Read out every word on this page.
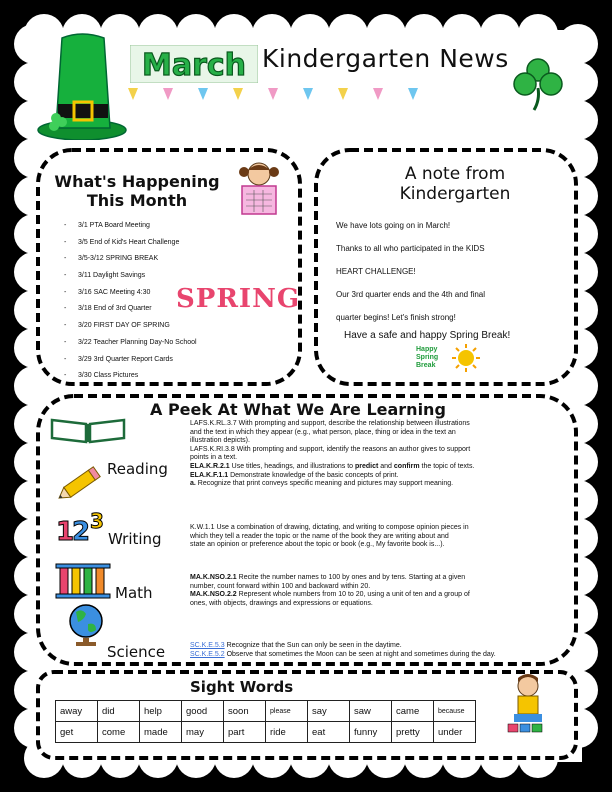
March Kindergarten News
What's Happening
This Month
- 3/1 PTA Board Meeting
- 3/5 End of Kid's Heart Challenge
- 3/5-3/12 SPRING BREAK
- 3/11 Daylight Savings
- 3/16 SAC Meeting 4:30
- 3/18 End of 3rd Quarter
- 3/20 FIRST DAY OF SPRING
- 3/22 Teacher Planning Day-No School
- 3/29 3rd Quarter Report Cards
- 3/30 Class Pictures
SPRING
A note from
Kindergarten

We have lots going on in March!

Thanks to all who participated in the KIDS

HEART CHALLENGE!

Our 3rd quarter ends and the 4th and final

quarter begins! Let's finish strong!

Have a safe and happy Spring Break!
Happy
Spring
Break
A Peek At What We Are Learning
Reading
LAFS.K.RL.3.7 With prompting and support, describe the relationship between illustrations
and the text in which they appear (e.g., what person, place, thing or idea in the text an
illustration depicts).
LAFS.K.RI.3.8 With prompting and support, identify the reasons an author gives to support
points in a text.
ELA.K.R.2.1 Use titles, headings, and illustrations to predict and confirm the topic of texts.
ELA.K.F.1.1 Demonstrate knowledge of the basic concepts of print.
a. Recognize that print conveys specific meaning and pictures may support meaning.
1
2 3
Writing
K.W.1.1 Use a combination of drawing, dictating, and writing to compose opinion pieces in
which they tell a reader the topic or the name of the book they are writing about and
state an opinion or preference about the topic or book (e.g., My favorite book is...).
Math
MA.K.NSO.2.1 Recite the number names to 100 by ones and by tens. Starting at a given
number, count forward within 100 and backward within 20.
MA.K.NSO.2.2 Represent whole numbers from 10 to 20, using a unit of ten and a group of
ones, with objects, drawings and expressions or equations.
Science	SC.K.E.5.3 Recognize that the Sun can only be seen in the daytime.
SC.K.E.5.2 Observe that sometimes the Moon can be seen at night and sometimes during the day.
Sight Words
away	did	help	good	soon	please	say	saw	came	because
get	come	made	may	part	ride	eat	funny	pretty	under
